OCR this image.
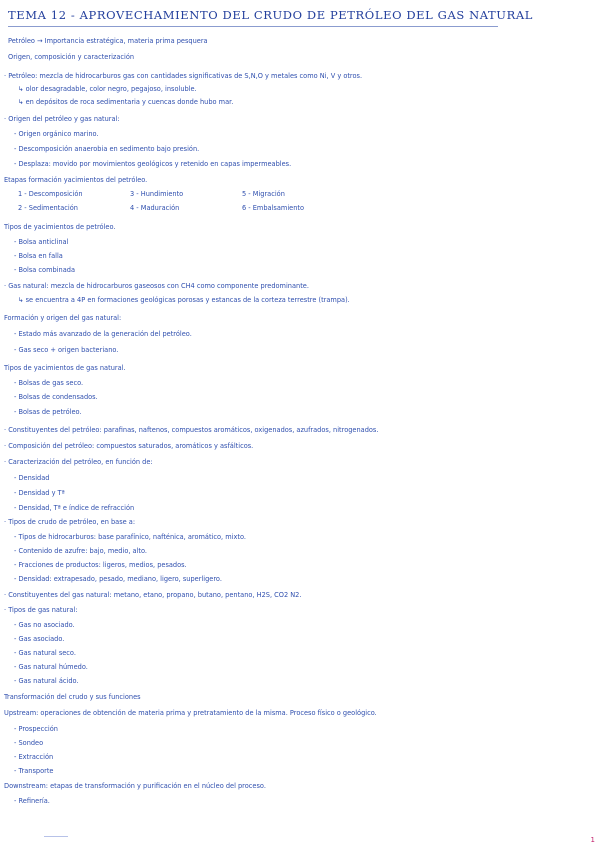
TEMA 12 - APROVECHAMIENTO DEL CRUDO DE PETRÓLEO DEL GAS NATURAL
Petróleo → Importancia estratégica, materia prima pesquera
Origen, composición y caracterización
· Petróleo: mezcla de hidrocarburos gas con cantidades significativas de S,N,O y metales como Ni, V y otros.
↳ olor desagradable, color negro, pegajoso, insoluble.
↳ en depósitos de roca sedimentaria y cuencas donde hubo mar.
· Origen del petróleo y gas natural:
- Origen orgánico marino.
- Descomposición anaerobia en sedimento bajo presión.
- Desplaza: movido por movimientos geológicos y retenido en capas impermeables.
Etapas formación yacimientos del petróleo.
1 - Descomposición	3 - Hundimiento	5 - Migración
2 - Sedimentación	4 - Maduración	6 - Embalsamiento
Tipos de yacimientos de petróleo.
- Bolsa anticlinal
- Bolsa en falla
- Bolsa combinada
· Gas natural: mezcla de hidrocarburos gaseosos con CH4 como componente predominante.
↳ se encuentra a 4P en formaciones geológicas porosas y estancas de la corteza terrestre (trampa).
Formación y origen del gas natural:
- Estado más avanzado de la generación del petróleo.
- Gas seco + origen bacteriano.
Tipos de yacimientos de gas natural.
- Bolsas de gas seco.
- Bolsas de condensados.
- Bolsas de petróleo.
· Constituyentes del petróleo: parafinas, naftenos, compuestos aromáticos, oxigenados, azufrados, nitrogenados.
· Composición del petróleo: compuestos saturados, aromáticos y asfálticos.
· Caracterización del petróleo, en función de:
- Densidad
- Densidad y Tª
- Densidad, Tª e índice de refracción
· Tipos de crudo de petróleo, en base a:
- Tipos de hidrocarburos: base parafínico, nafténica, aromático, mixto.
- Contenido de azufre: bajo, medio, alto.
- Fracciones de productos: ligeros, medios, pesados.
- Densidad: extrapesado, pesado, mediano, ligero, superligero.
· Constituyentes del gas natural: metano, etano, propano, butano, pentano, H2S, CO2 N2.
· Tipos de gas natural:
- Gas no asociado.
- Gas asociado.
- Gas natural seco.
- Gas natural húmedo.
- Gas natural ácido.
Transformación del crudo y sus funciones
Upstream: operaciones de obtención de materia prima y pretratamiento de la misma. Proceso físico o geológico.
- Prospección
- Sondeo
- Extracción
- Transporte
Downstream: etapas de transformación y purificación en el núcleo del proceso.
- Refinería.
1
